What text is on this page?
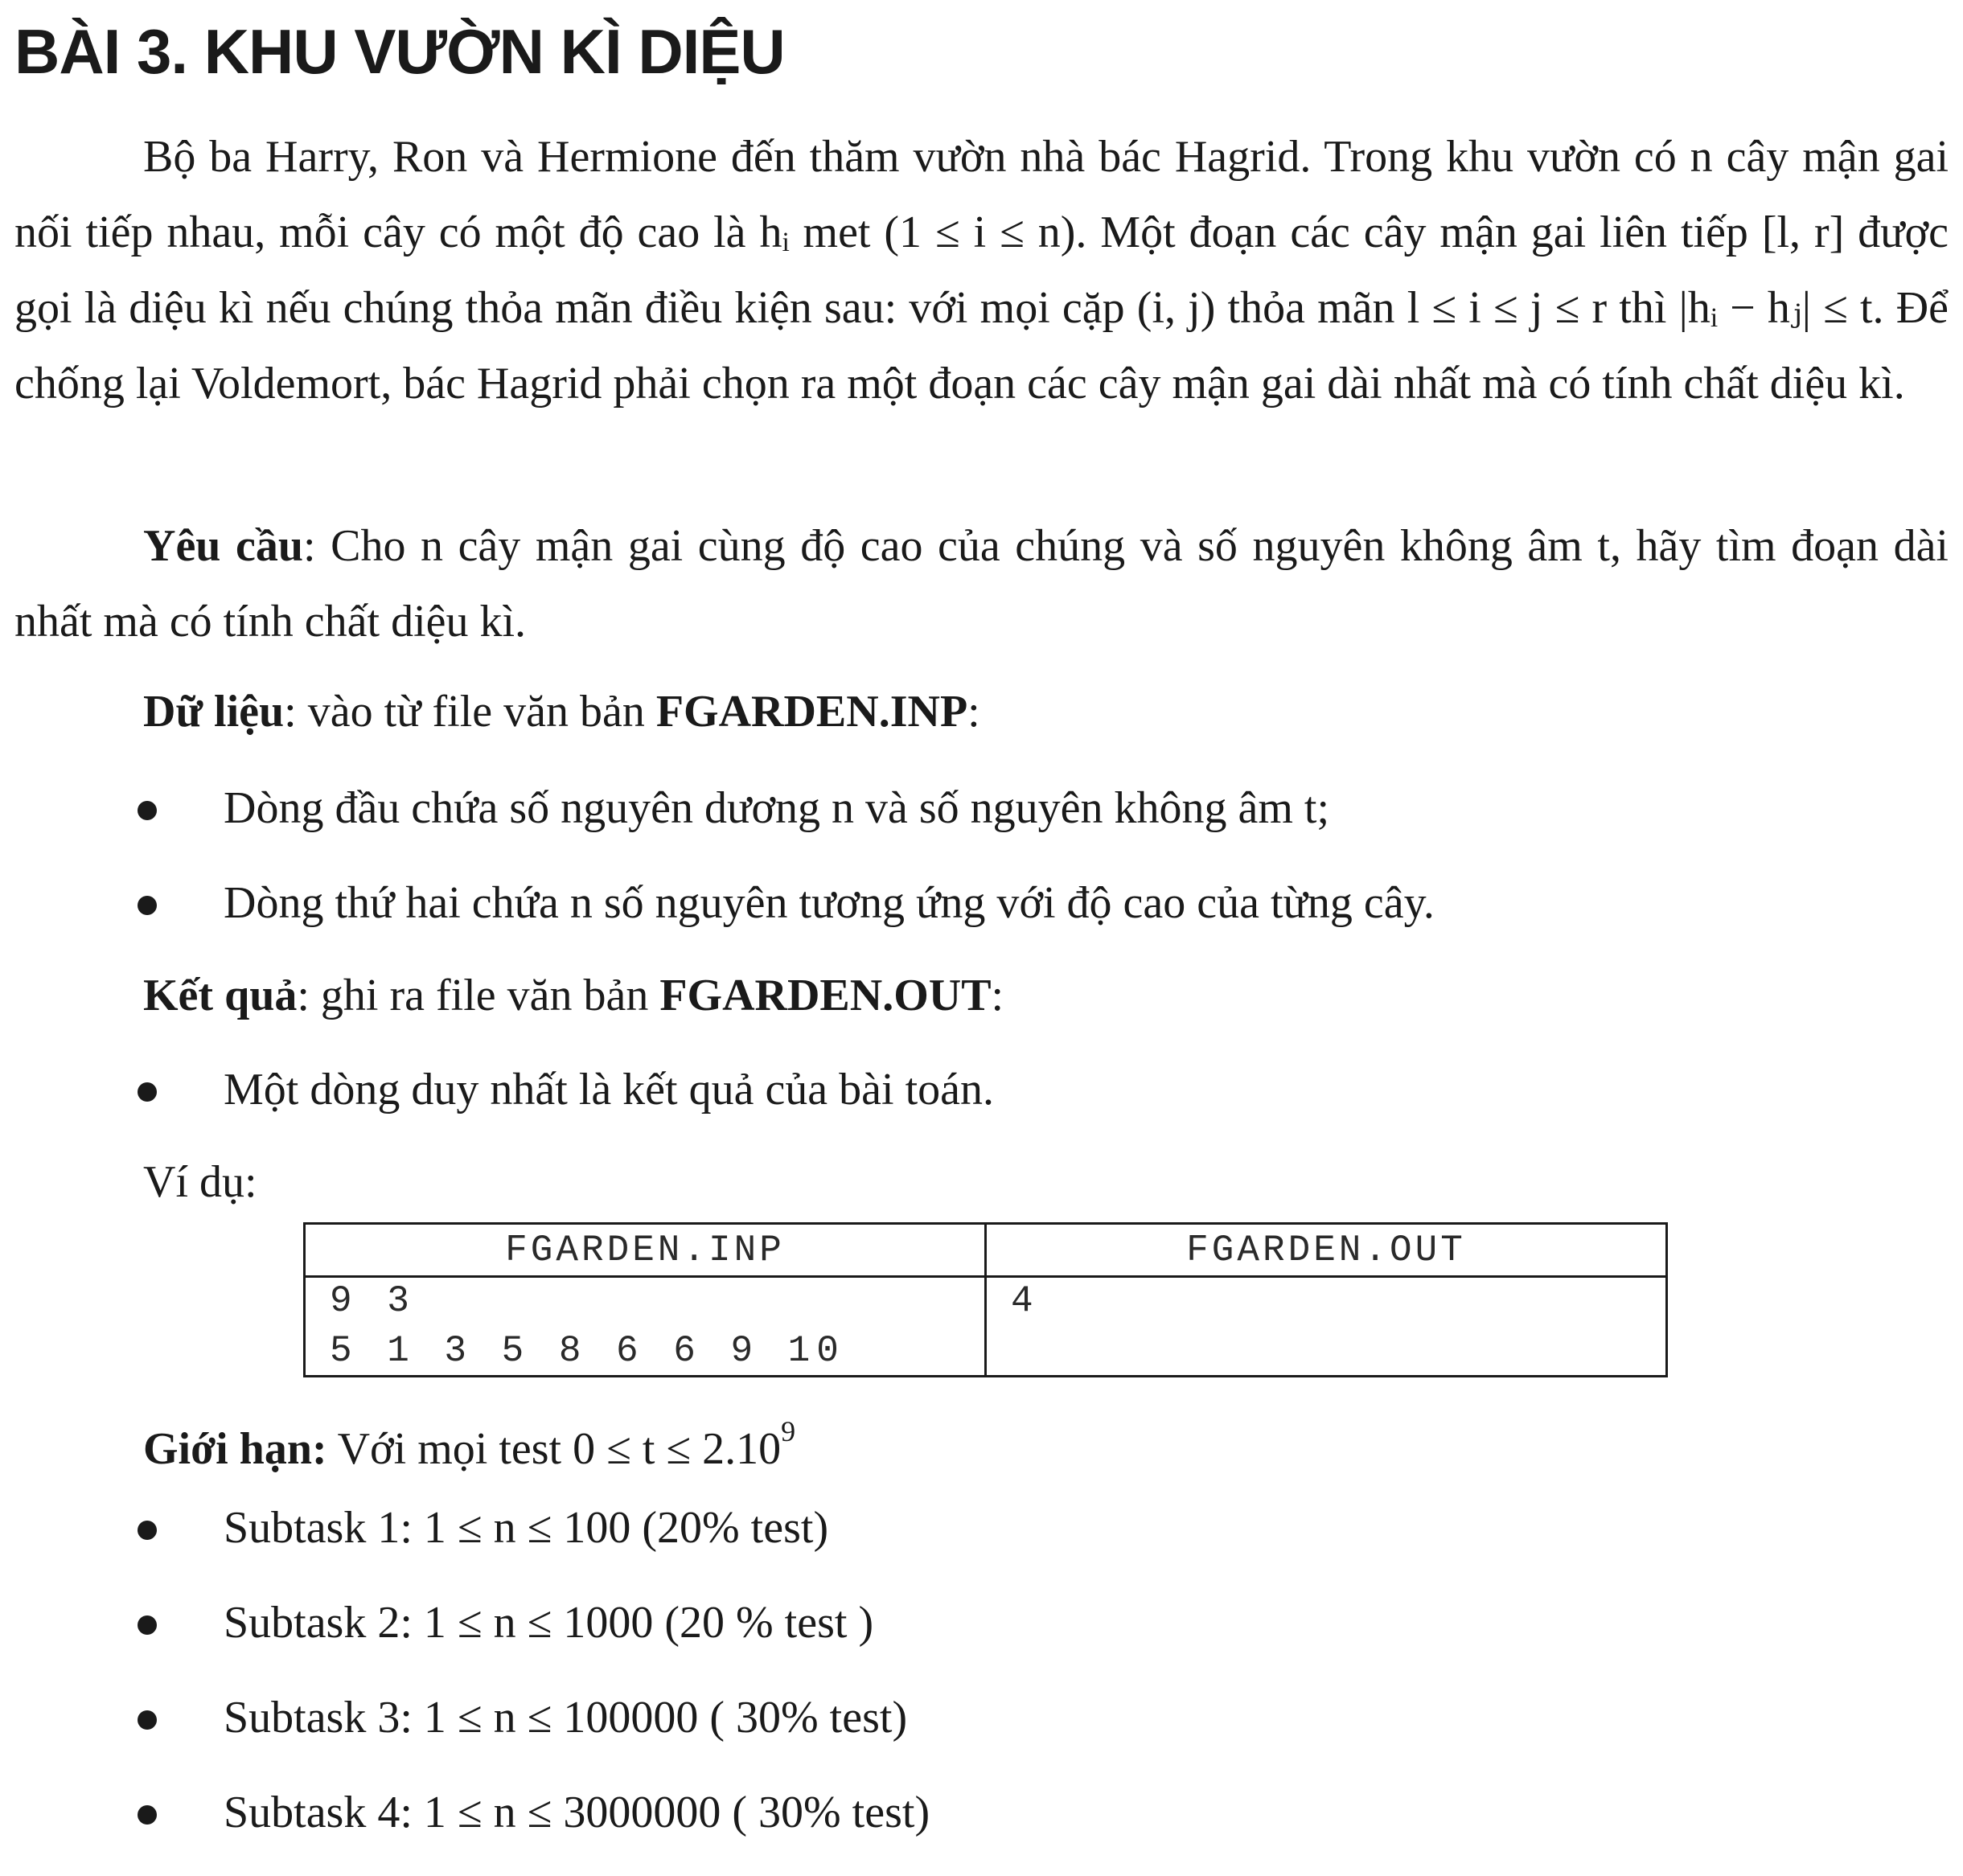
BÀI 3. KHU VƯỜN KÌ DIỆU

Bộ ba Harry, Ron và Hermione đến thăm vườn nhà bác Hagrid. Trong khu vườn có n cây mận gai nối tiếp nhau, mỗi cây có một độ cao là hᵢ met (1 ≤ i ≤ n). Một đoạn các cây mận gai liên tiếp [l, r] được gọi là diệu kì nếu chúng thỏa mãn điều kiện sau: với mọi cặp (i, j) thỏa mãn l ≤ i ≤ j ≤ r thì |hᵢ − hⱼ| ≤ t. Để chống lại Voldemort, bác Hagrid phải chọn ra một đoạn các cây mận gai dài nhất mà có tính chất diệu kì.

Yêu cầu: Cho n cây mận gai cùng độ cao của chúng và số nguyên không âm t, hãy tìm đoạn dài nhất mà có tính chất diệu kì.

Dữ liệu: vào từ file văn bản FGARDEN.INP:

Dòng đầu chứa số nguyên dương n và số nguyên không âm t;
Dòng thứ hai chứa n số nguyên tương ứng với độ cao của từng cây.

Kết quả: ghi ra file văn bản FGARDEN.OUT:

Một dòng duy nhất là kết quả của bài toán.

Ví dụ:

FGARDEN.INP	FGARDEN.OUT
9 3
5 1 3 5 8 6 6 9 10
4

Giới hạn: Với mọi test $0 \le t \le 2.10^9$

Subtask 1: 1 ≤ n ≤ 100 (20% test)
Subtask 2: 1 ≤ n ≤ 1000 (20 % test )
Subtask 3: 1 ≤ n ≤ 100000 ( 30% test)
Subtask 4: 1 ≤ n ≤ 3000000 ( 30% test)
